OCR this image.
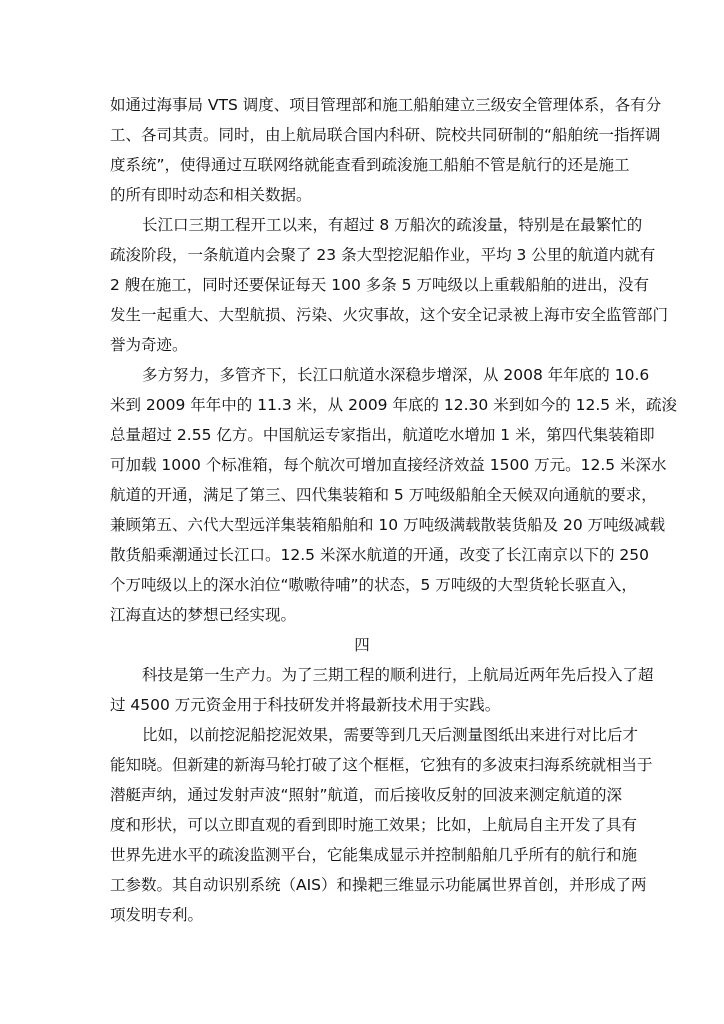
如通过海事局 VTS 调度、项目管理部和施工船舶建立三级安全管理体系，各有分
工、各司其责。同时，由上航局联合国内科研、院校共同研制的“船舶统一指挥调
度系统”，使得通过互联网络就能查看到疏浚施工船舶不管是航行的还是施工
的所有即时动态和相关数据。
长江口三期工程开工以来，有超过 8 万船次的疏浚量，特别是在最繁忙的
疏浚阶段，一条航道内会聚了 23 条大型挖泥船作业，平均 3 公里的航道内就有
2 艘在施工，同时还要保证每天 100 多条 5 万吨级以上重载船舶的进出，没有
发生一起重大、大型航损、污染、火灾事故，这个安全记录被上海市安全监管部门
誉为奇迹。
多方努力，多管齐下，长江口航道水深稳步增深，从 2008 年年底的 10.6
米到 2009 年年中的 11.3 米，从 2009 年底的 12.30 米到如今的 12.5 米，疏浚
总量超过 2.55 亿方。中国航运专家指出，航道吃水增加 1 米，第四代集装箱即
可加载 1000 个标准箱，每个航次可增加直接经济效益 1500 万元。12.5 米深水
航道的开通，满足了第三、四代集装箱和 5 万吨级船舶全天候双向通航的要求，
兼顾第五、六代大型远洋集装箱船舶和 10 万吨级满载散装货船及 20 万吨级减载
散货船乘潮通过长江口。12.5 米深水航道的开通，改变了长江南京以下的 250
个万吨级以上的深水泊位“嗷嗷待哺”的状态，5 万吨级的大型货轮长驱直入，
江海直达的梦想已经实现。
四
科技是第一生产力。为了三期工程的顺利进行，上航局近两年先后投入了超
过 4500 万元资金用于科技研发并将最新技术用于实践。
比如，以前挖泥船挖泥效果，需要等到几天后测量图纸出来进行对比后才
能知晓。但新建的新海马轮打破了这个框框，它独有的多波束扫海系统就相当于
潜艇声纳，通过发射声波“照射”航道，而后接收反射的回波来测定航道的深
度和形状，可以立即直观的看到即时施工效果；比如，上航局自主开发了具有
世界先进水平的疏浚监测平台，它能集成显示并控制船舶几乎所有的航行和施
工参数。其自动识别系统（AIS）和操耙三维显示功能属世界首创，并形成了两
项发明专利。
